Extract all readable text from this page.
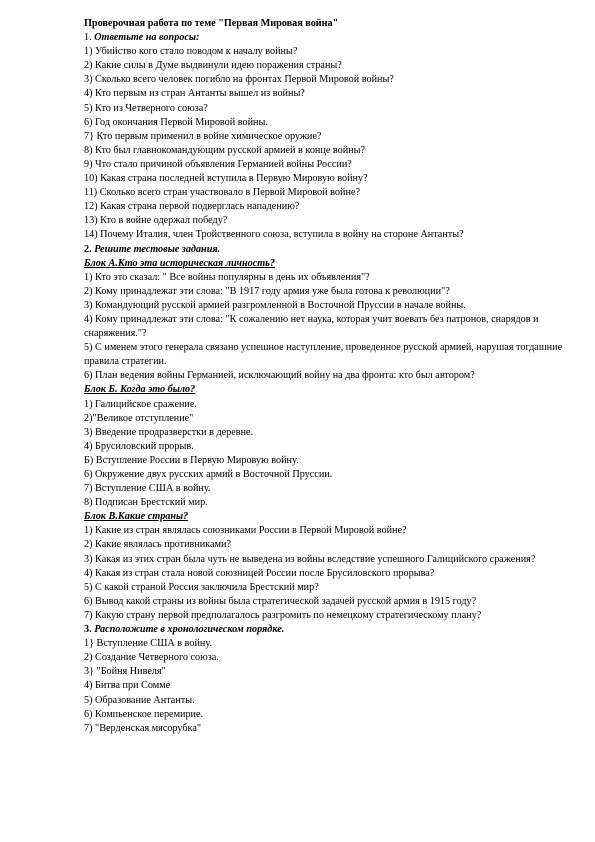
Проверочная работа по теме "Первая Мировая война"

1. Ответьте на вопросы:

1) Убийство кого стало поводом к началу войны?

2) Какие силы в Думе выдвинули идею поражения страны?

3) Сколько всего человек погибло на фронтах Первой Мировой войны?

4) Кто первым из стран Антанты вышел из войны?

5) Кто из Четверного союза?

6) Год окончания Первой Мировой войны.

7} Кто первым применил в войне химическое оружие?

8) Кто был главнокомандующим русской армией в конце войны?

9) Что стало причиной объявления Германией войны России?

10) Какая страна последней вступила в Первую Мировую войну?

11) Сколько всего стран участвовало в Первой Мировой войне?

12) Какая страна первой подверглась нападению?

13) Кто в войне одержал победу?

14) Почему Италия, член Тройственного союза, вступила в войну на стороне Антанты?

2. Решите тестовые задания.

Блок А.Кто эта историческая личность?

1) Кто это сказал: " Все войны популярны в день их объявления"?

2) Кому принадлежат эти слова: "В 1917 году армия уже была готова к революции"?

3) Командующий русской армией разгромленной в Восточной Пруссии в начале войны.

4) Кому принадлежат эти слова: "К сожалению нет наука, которая учит воевать без патронов, снарядов и снаряжения."?

5) С именем этого генерала связано успешное наступление, проведенное русской армией, нарушая тогдашние правила стратегии.

6) План ведения войны Германией, исключающий войну на два фронта: кто был автором?

Блок Б. Когда это было?

1) Галицийское сражение.

2)"Великое отступление"

3) Введение продразверстки в деревне.

4) Брусиловский прорыв.

Б) Вступление России в Первую Мировую войну.

6) Окружение двух русских армий в Восточной Пруссии.

7) Вступление США в войну.

8) Подписан Брестский мир.

Блок В.Какие страны?

1) Какие из стран являлась союзниками России в Первой Мировой войне?

2) Какие являлась противниками?

3) Какая из этих стран была чуть не выведена из войны вследствие успешного Галицийского сражения?

4) Какая из стран стала новой союзницей России после Брусиловского прорыва?

5) С какой страной Россия заключила Брестский мир?

6) Вывод какой страны из войны была стратегической задачей русской армия в 1915 году?

7) Какую страну первой предполагалось разгромить по немецкому стратегическому плану?

3. Расположите в хронологическом порядке.

1} Вступление США в войну.

2) Создание Четверного союза.

3} "Бойня Нивеля"

4) Битва при Сомме

5) Образование Антанты.

6) Компьенское перемирие.

7) "Верденская мясорубка"
